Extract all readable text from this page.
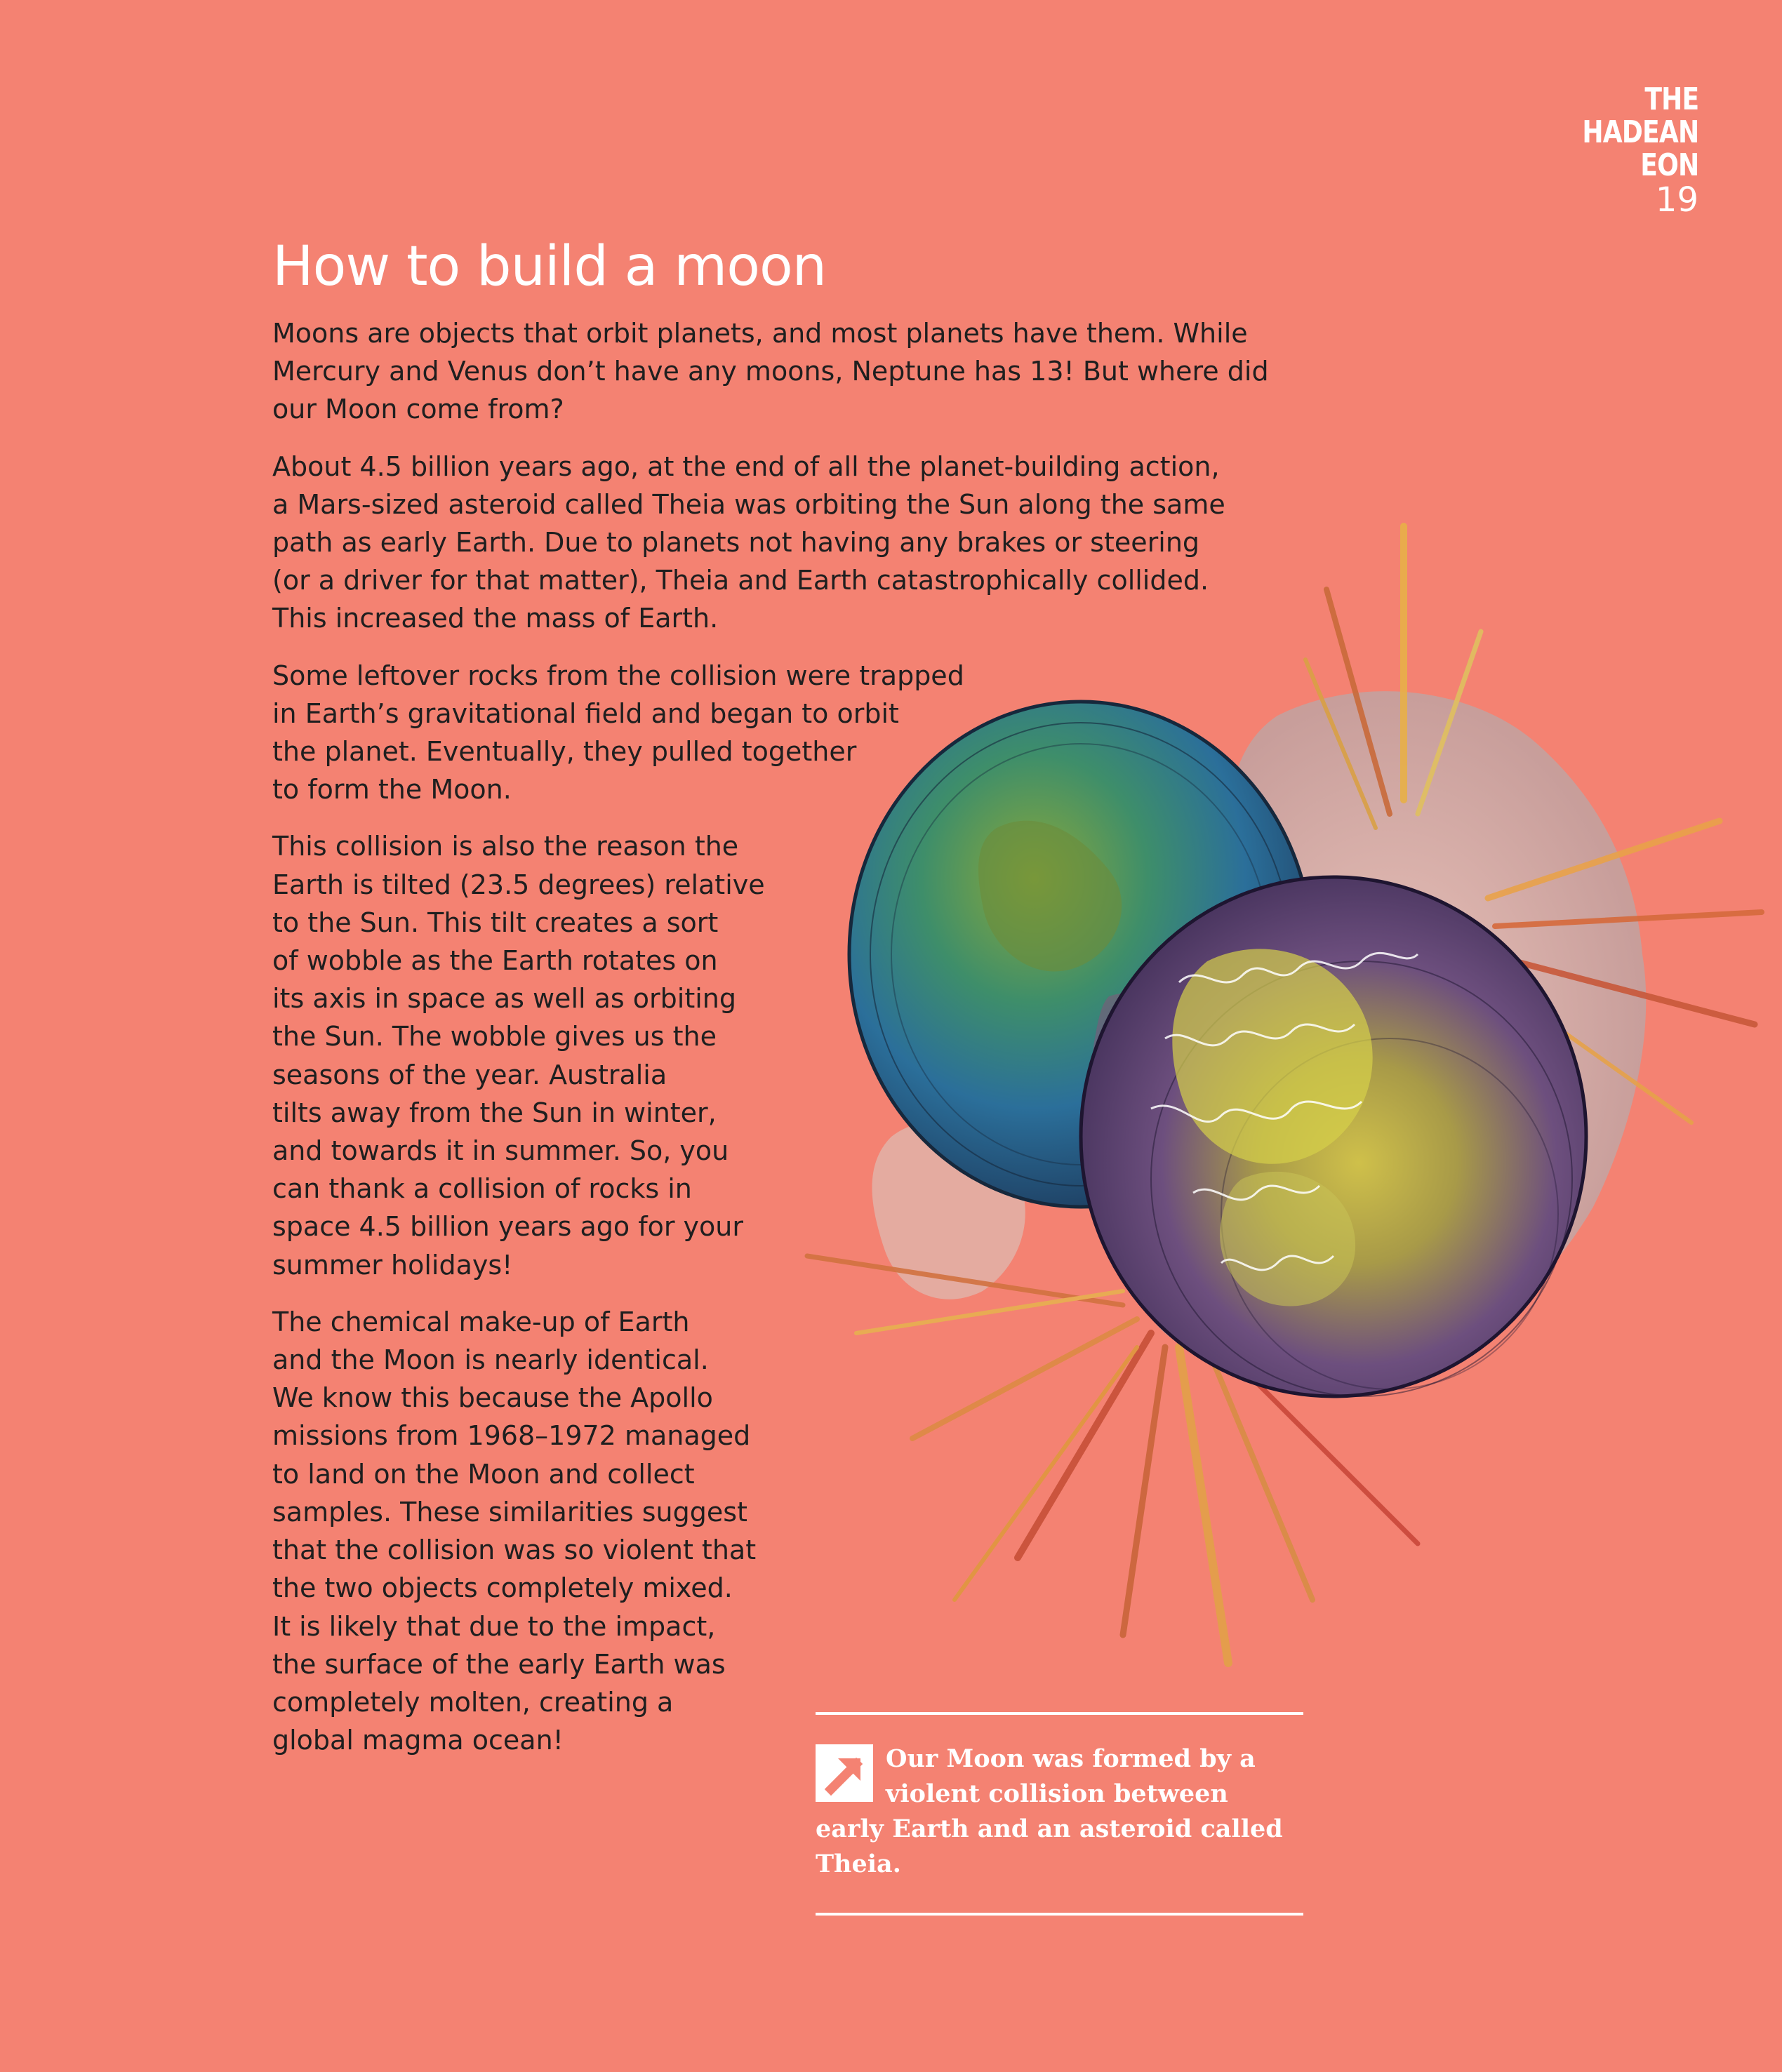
THE
HADEAN
EON
19
How to build a moon

Moons are objects that orbit planets, and most planets have them. While
Mercury and Venus don’t have any moons, Neptune has 13! But where did
our Moon come from?

About 4.5 billion years ago, at the end of all the planet-building action,
a Mars-sized asteroid called Theia was orbiting the Sun along the same
path as early Earth. Due to planets not having any brakes or steering
(or a driver for that matter), Theia and Earth catastrophically collided.
This increased the mass of Earth.

Some leftover rocks from the collision were trapped
in Earth’s gravitational field and began to orbit
the planet. Eventually, they pulled together
to form the Moon.

This collision is also the reason the
Earth is tilted (23.5 degrees) relative
to the Sun. This tilt creates a sort
of wobble as the Earth rotates on
its axis in space as well as orbiting
the Sun. The wobble gives us the
seasons of the year. Australia
tilts away from the Sun in winter,
and towards it in summer. So, you
can thank a collision of rocks in
space 4.5 billion years ago for your
summer holidays!

The chemical make-up of Earth
and the Moon is nearly identical.
We know this because the Apollo
missions from 1968–1972 managed
to land on the Moon and collect
samples. These similarities suggest
that the collision was so violent that
the two objects completely mixed.
It is likely that due to the impact,
the surface of the early Earth was
completely molten, creating a
global magma ocean!

Our Moon was formed by a violent collision between early Earth and an asteroid called Theia.
